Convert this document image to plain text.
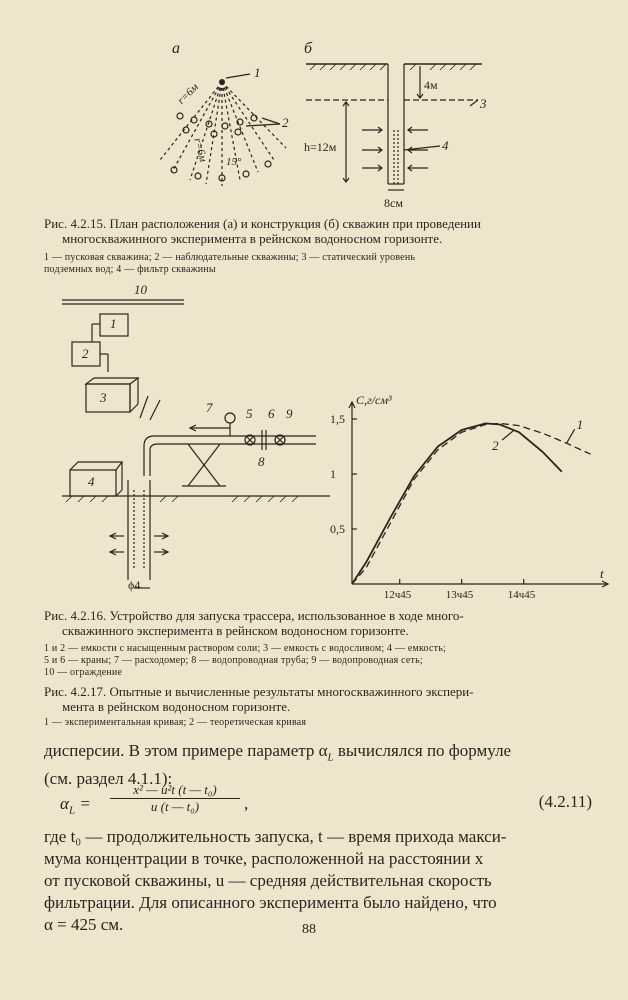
а
1
2
r=6м
r=6м 15°
б
4м
3
4
h=12м
8см
Рис. 4.2.15. План расположения (а) и конструкция (б) скважин при проведении
многоскважинного эксперимента в рейнском водоносном горизонте.
1 — пусковая скважина; 2 — наблюдательные скважины; 3 — статический уровень
подземных вод; 4 — фильтр скважины
10
1
2
3
4
7	5 6 9
8
ϕ4
0,5
1
1,5
12ч45	13ч45	14ч45
C,г/см³
t
1
2
Рис. 4.2.16. Устройство для запуска трассера, использованное в ходе много-
скважинного эксперимента в рейнском водоносном горизонте.
1 и 2 — емкости с насыщенным раствором соли; 3 — емкость с водосливом; 4 — емкость;
5 и 6 — краны; 7 — расходомер; 8 — водопроводная труба; 9 — водопроводная сеть;
10 — ограждение
Рис. 4.2.17. Опытные и вычисленные результаты многоскважинного экспери-
мента в рейнском водоносном горизонте.
1 — экспериментальная кривая; 2 — теоретическая кривая
дисперсии. В этом примере параметр $\alpha_L$ вычислялся по формуле
(см. раздел 4.1.1):
$\alpha_L = \frac{\text{x² — u²t (t — t₀)}}{\text{u (t — t₀)}}$ ,	(4.2.11)
где t₀ — продолжительность запуска, t — время прихода макси-
мума концентрации в точке, расположенной на расстоянии x
от пусковой скважины, u — средняя действительная скорость
фильтрации. Для описанного эксперимента было найдено, что
α = 425 см.	88
